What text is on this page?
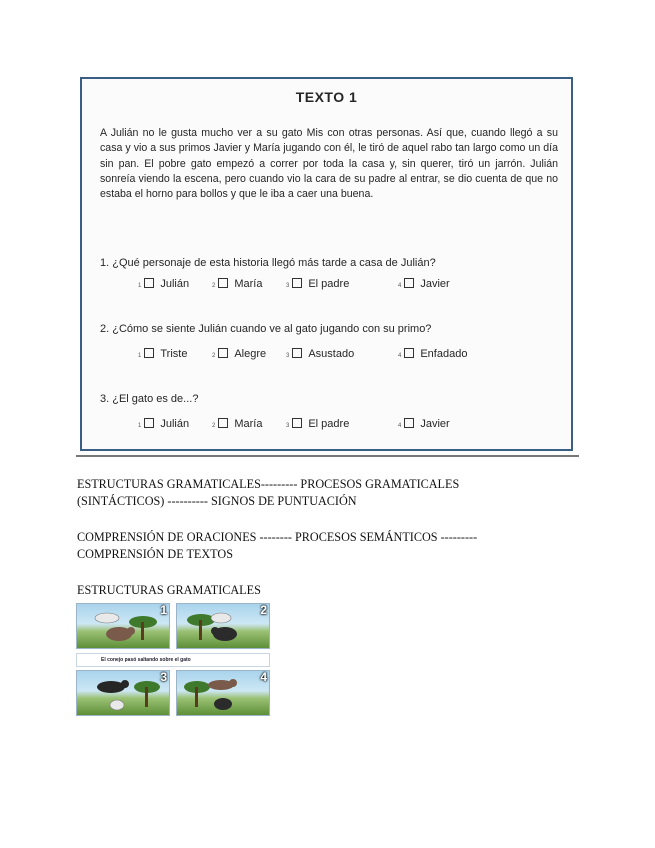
TEXTO 1
A Julián no le gusta mucho ver a su gato Mis con otras personas. Así que, cuando llegó a su casa y vio a sus primos Javier y María jugando con él, le tiró de aquel rabo tan largo como un día sin pan. El pobre gato empezó a correr por toda la casa y, sin querer, tiró un jarrón. Julián sonreía viendo la escena, pero cuando vio la cara de su padre al entrar, se dio cuenta de que no estaba el horno para bollos y que le iba a caer una buena.
1. ¿Qué personaje de esta historia llegó más tarde a casa de Julián?
1 Julián	2 María	3 El padre	4 Javier
2. ¿Cómo se siente Julián cuando ve al gato jugando con su primo?
1 Triste	2 Alegre	3 Asustado	4 Enfadado
3. ¿El gato es de...?
1 Julián	2 María	3 El padre	4 Javier
ESTRUCTURAS GRAMATICALES--------- PROCESOS GRAMATICALES
(SINTÁCTICOS) ---------- SIGNOS DE PUNTUACIÓN
COMPRENSIÓN DE ORACIONES -------- PROCESOS SEMÁNTICOS ---------
COMPRENSIÓN DE TEXTOS
ESTRUCTURAS GRAMATICALES
1	2
El conejo pasó saltando sobre el gato
3	4
